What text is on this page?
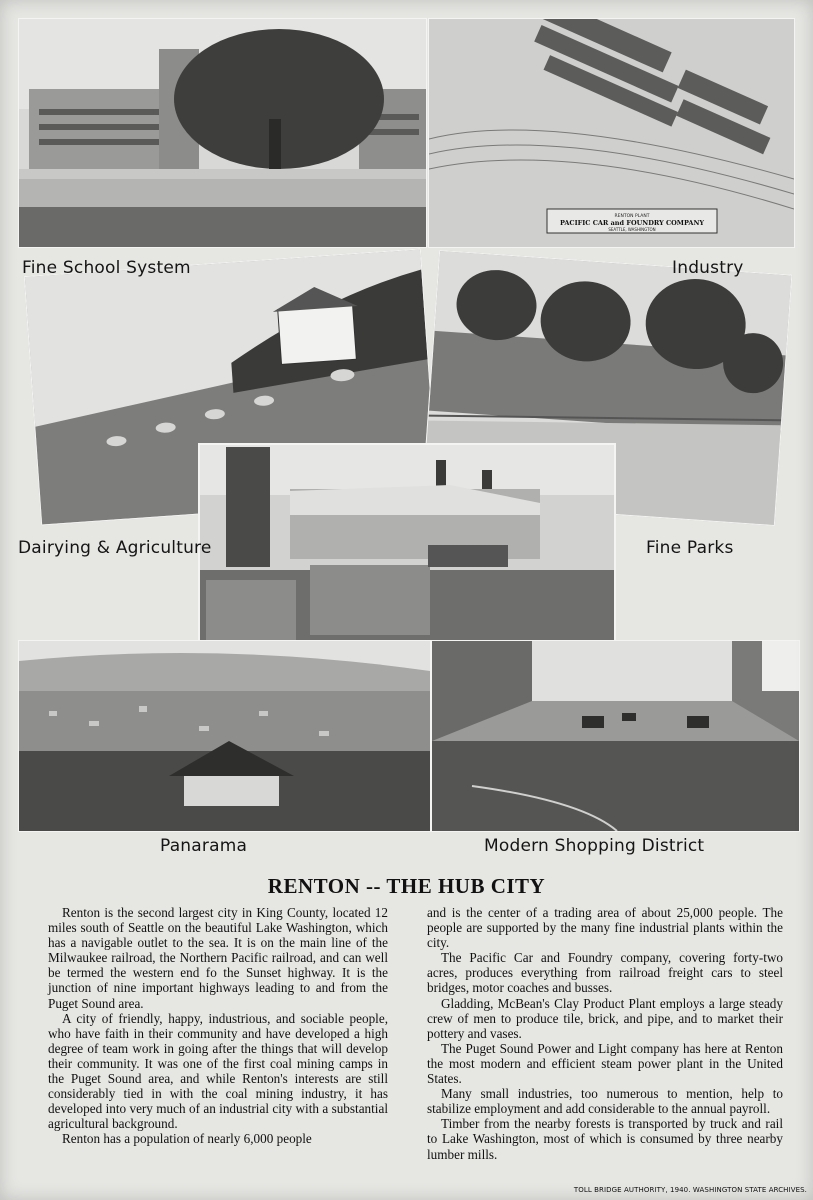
RENTON PLANT
PACIFIC CAR and FOUNDRY COMPANY
SEATTLE, WASHINGTON
Fine School System	Industry
Dairying & Agriculture	Fine Parks
Panarama	Modern Shopping District
RENTON -- THE HUB CITY

Renton is the second largest city in King County, located 12 miles south of Seattle on the beautiful Lake Washington, which has a navigable outlet to the sea. It is on the main line of the Milwaukee railroad, the Northern Pacific railroad, and can well be termed the western end fo the Sunset highway. It is the junction of nine important highways leading to and from the Puget Sound area.

A city of friendly, happy, industrious, and sociable people, who have faith in their community and have developed a high degree of team work in going after the things that will develop their community. It was one of the first coal mining camps in the Puget Sound area, and while Renton's interests are still considerably tied in with the coal mining industry, it has developed into very much of an industrial city with a substantial agricultural background.

Renton has a population of nearly 6,000 people

and is the center of a trading area of about 25,000 people. The people are supported by the many fine industrial plants within the city.

The Pacific Car and Foundry company, covering forty-two acres, produces everything from railroad freight cars to steel bridges, motor coaches and busses.

Gladding, McBean's Clay Product Plant employs a large steady crew of men to produce tile, brick, and pipe, and to market their pottery and vases.

The Puget Sound Power and Light company has here at Renton the most modern and efficient steam power plant in the United States.

Many small industries, too numerous to mention, help to stabilize employment and add considerable to the annual payroll.

Timber from the nearby forests is transported by truck and rail to Lake Washington, most of which is consumed by three nearby lumber mills.

TOLL BRIDGE AUTHORITY, 1940. WASHINGTON STATE ARCHIVES.
